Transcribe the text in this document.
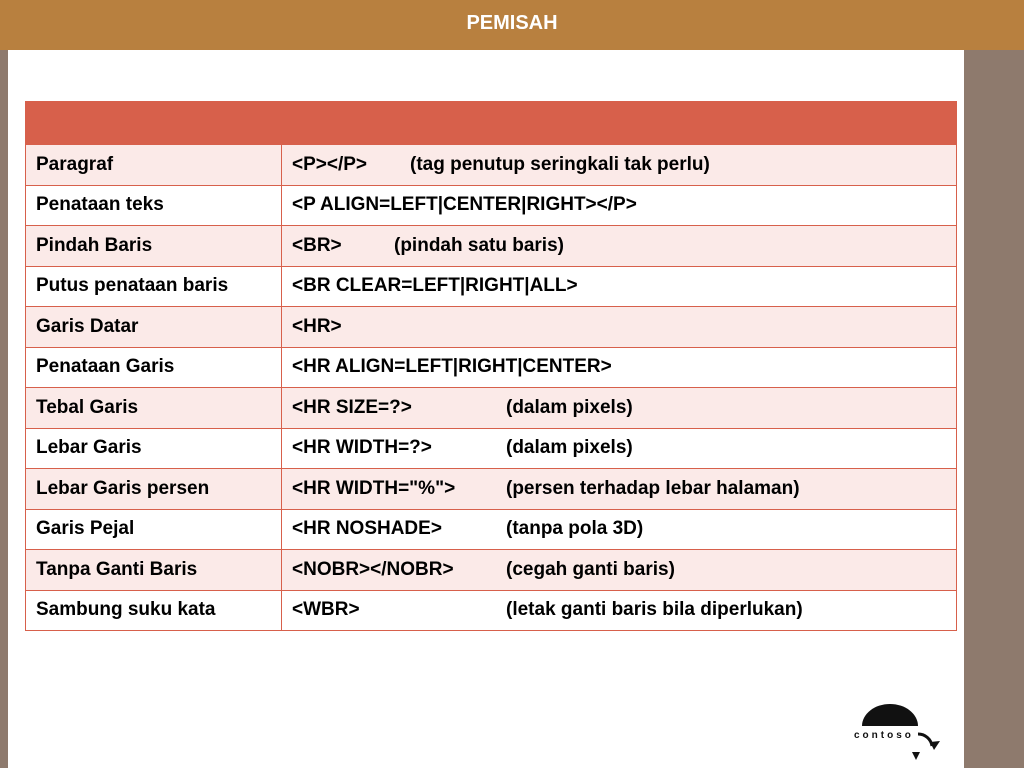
PEMISAH

Paragraf	<P></P> (tag penutup seringkali tak perlu)
Penataan teks	<P ALIGN=LEFT|CENTER|RIGHT></P>
Pindah Baris	<BR> (pindah satu baris)
Putus penataan baris	<BR CLEAR=LEFT|RIGHT|ALL>
Garis Datar	<HR>
Penataan Garis	<HR ALIGN=LEFT|RIGHT|CENTER>
Tebal Garis	<HR SIZE=?> (dalam pixels)
Lebar Garis	<HR WIDTH=?> (dalam pixels)
Lebar Garis persen	<HR WIDTH="%"> (persen terhadap lebar halaman)
Garis Pejal	<HR NOSHADE> (tanpa pola 3D)
Tanpa Ganti Baris	<NOBR></NOBR> (cegah ganti baris)
Sambung suku kata	<WBR> (letak ganti baris bila diperlukan)
contoso
